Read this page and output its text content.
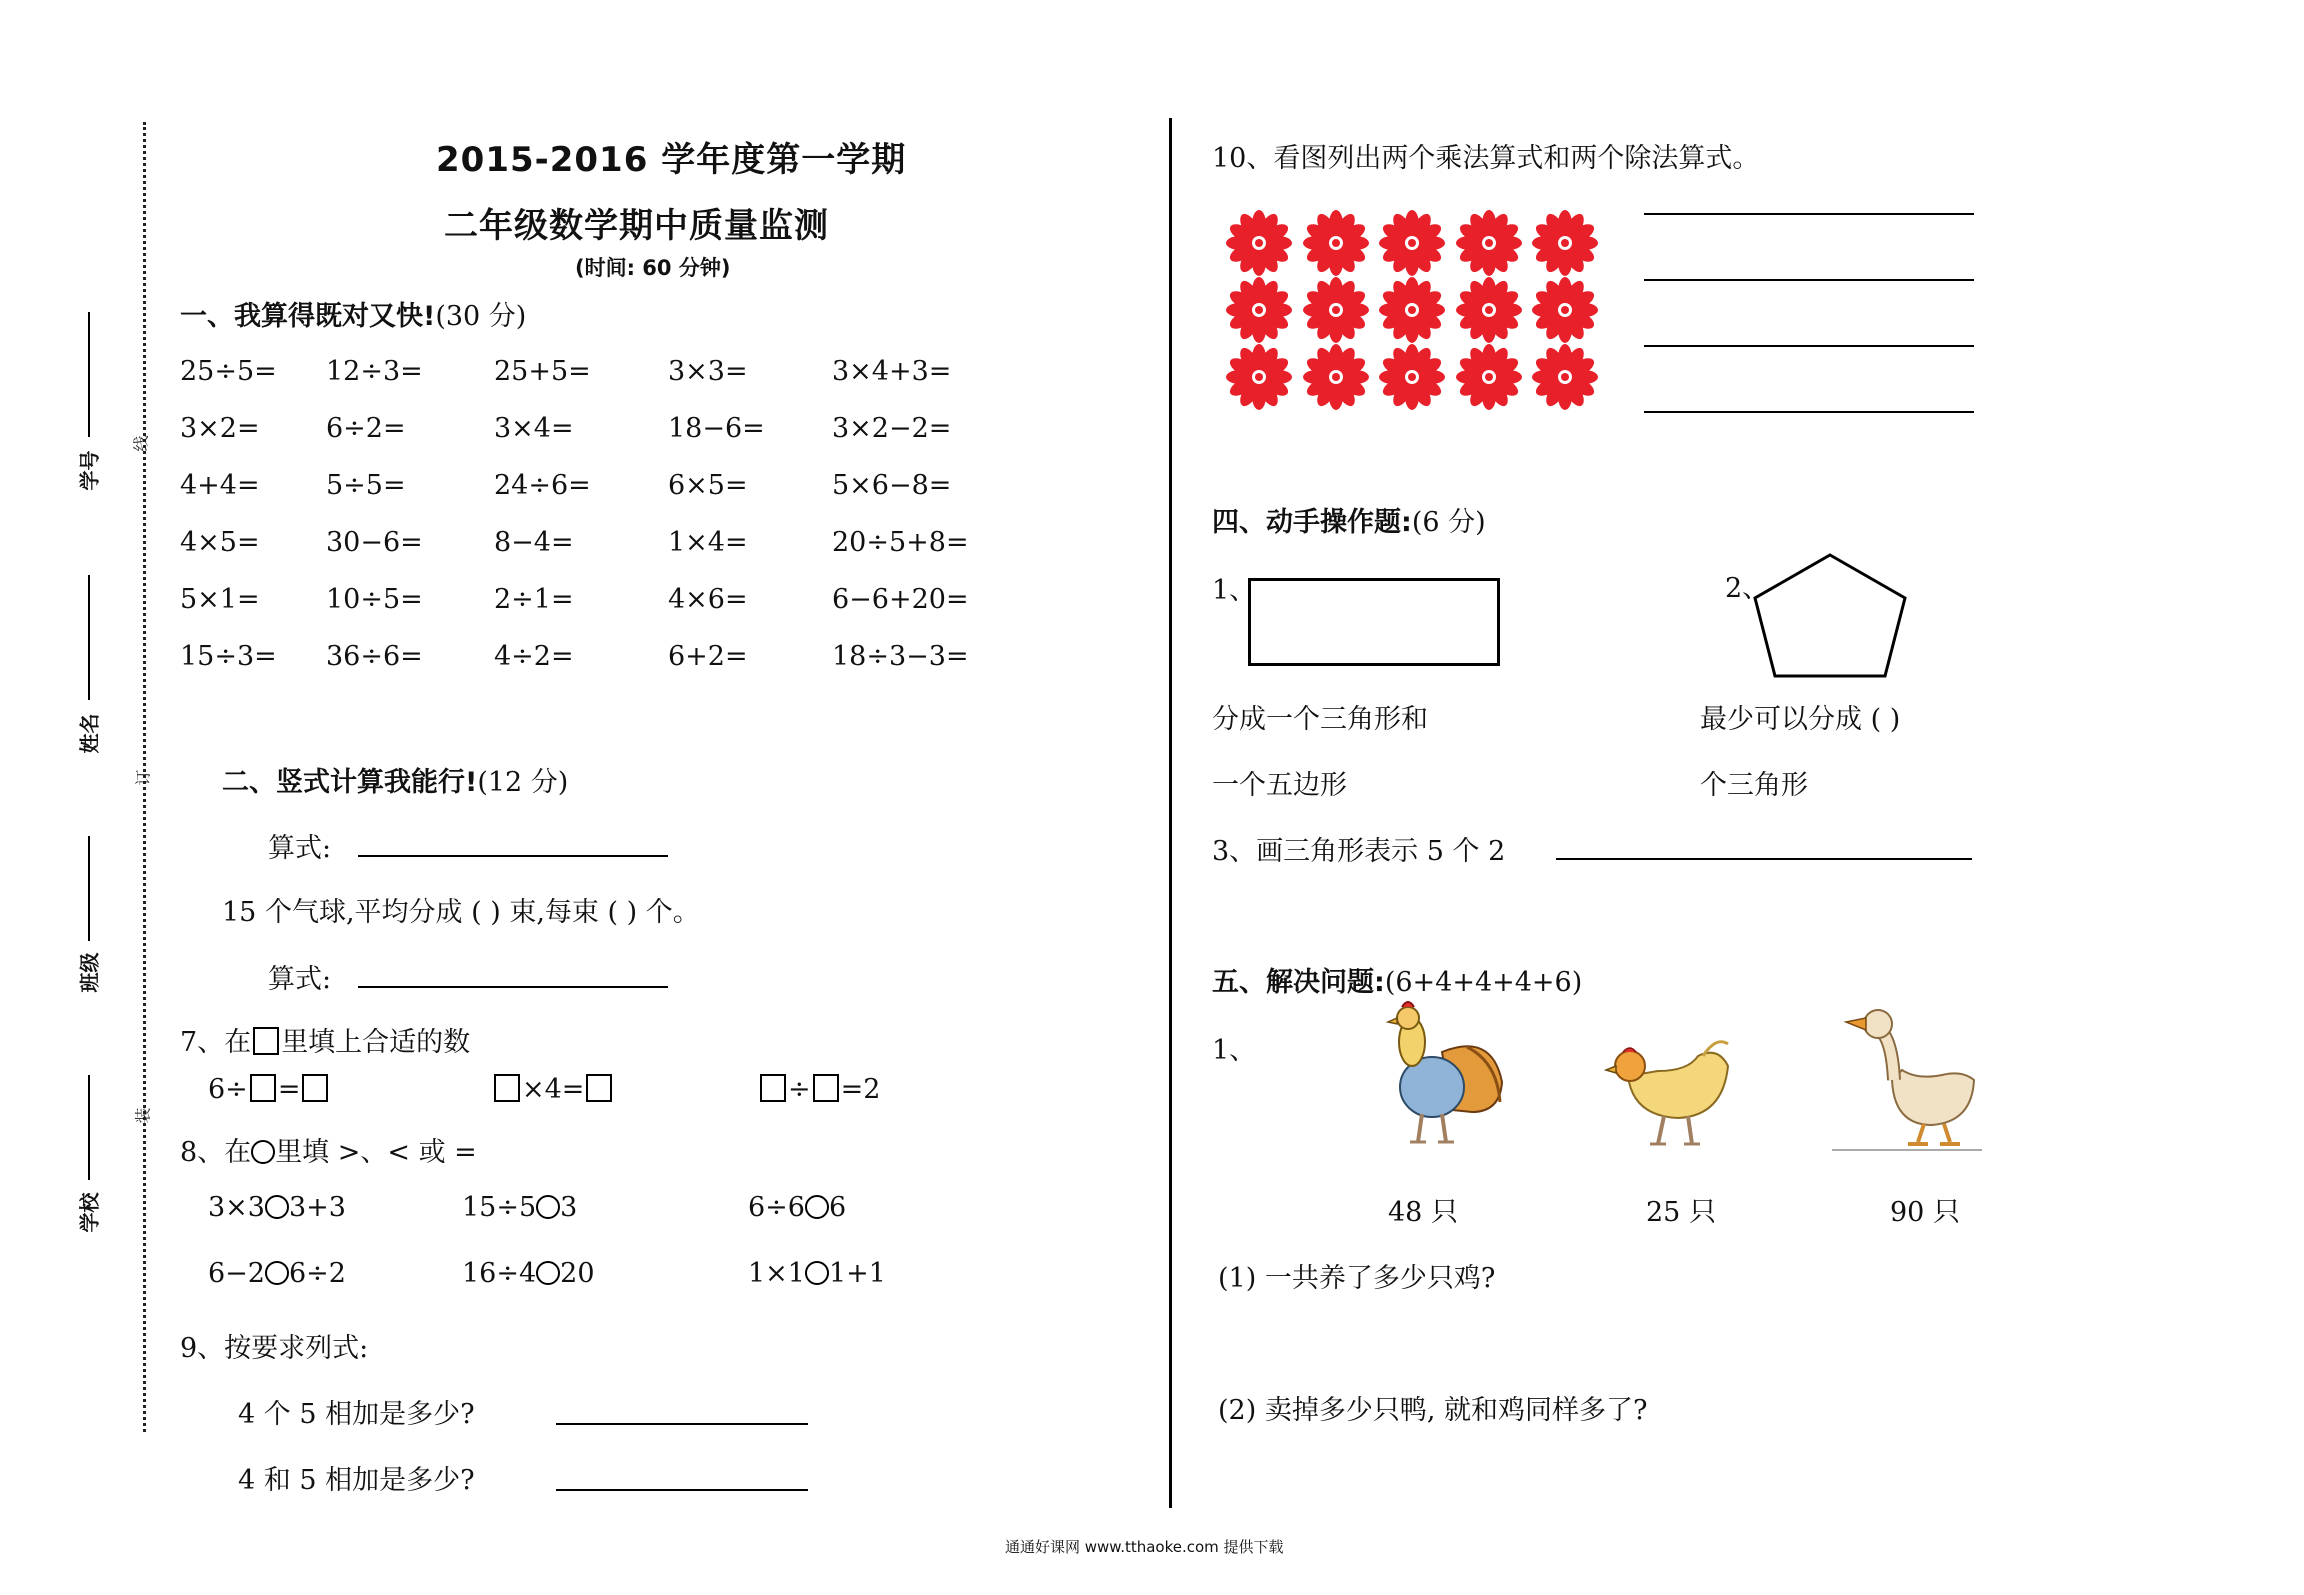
线
订
装
学号
姓名
班级
学校
2015-2016 学年度第一学期
二年级数学期中质量监测
(时间: 60 分钟)
一、我算得既对又快!(30 分)
25÷5= 12÷3=	25+5=	3×3=	3×4+3=
3×2= 6÷2=	3×4=	18−6= 3×2−2=
4+4= 5÷5=	24÷6=	6×5=	5×6−8=
4×5= 30−6=	8−4=	1×4=	20÷5+8=
5×1= 10÷5=	2÷1=	4×6=	6−6+20=
15÷3= 36÷6=	4÷2=	6+2=	18÷3−3=
二、竖式计算我能行!(12 分)
算式:
15 个气球,平均分成 ( ) 束,每束 ( ) 个。
算式:
7、在 里填上合适的数
6÷ =	×4=	÷ =2
8、在 里填 >、< 或 =
3×3 3+3	15÷5 3	6÷6 6
6−2 6÷2	16÷4 20	1×1 1+1
9、按要求列式:
4 个 5 相加是多少?
4 和 5 相加是多少?
10、看图列出两个乘法算式和两个除法算式。
四、动手操作题:(6 分)
1、
分成一个三角形和
一个五边形
2、
最少可以分成 ( )
个三角形
3、画三角形表示 5 个 2
五、解决问题:(6+4+4+4+6)
1、
48 只	25 只	90 只
(1) 一共养了多少只鸡?
(2) 卖掉多少只鸭, 就和鸡同样多了?
通通好课网 www.tthaoke.com 提供下载
